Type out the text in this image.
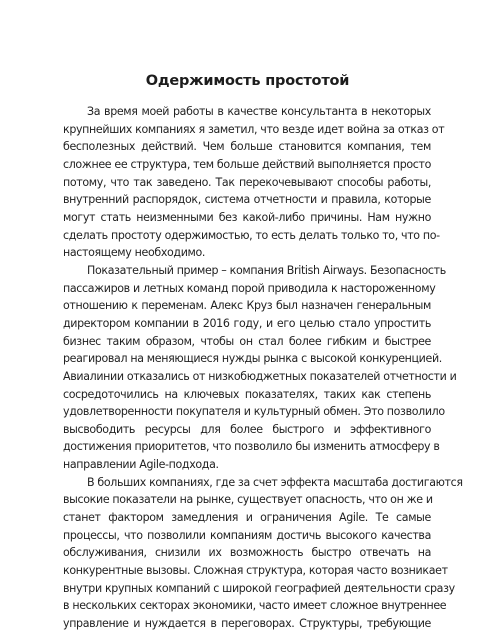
Одержимость простотой
За время моей работы в качестве консультанта в некоторых
крупнейших компаниях я заметил, что везде идет война за отказ от
бесполезных действий. Чем больше становится компания, тем
сложнее ее структура, тем больше действий выполняется просто
потому, что так заведено. Так перекочевывают способы работы,
внутренний распорядок, система отчетности и правила, которые
могут стать неизменными без какой-либо причины. Нам нужно
сделать простоту одержимостью, то есть делать только то, что по-
настоящему необходимо.
Показательный пример – компания British Airways. Безопасность
пассажиров и летных команд порой приводила к настороженному
отношению к переменам. Алекс Круз был назначен генеральным
директором компании в 2016 году, и его целью стало упростить
бизнес таким образом, чтобы он стал более гибким и быстрее
реагировал на меняющиеся нужды рынка с высокой конкуренцией.
Авиалинии отказались от низкобюджетных показателей отчетности и
сосредоточились на ключевых показателях, таких как степень
удовлетворенности покупателя и культурный обмен. Это позволило
высвободить ресурсы для более быстрого и эффективного
достижения приоритетов, что позволило бы изменить атмосферу в
направлении Agile-подхода.
В больших компаниях, где за счет эффекта масштаба достигаются
высокие показатели на рынке, существует опасность, что он же и
станет фактором замедления и ограничения Agile. Те самые
процессы, что позволили компаниям достичь высокого качества
обслуживания, снизили их возможность быстро отвечать на
конкурентные вызовы. Сложная структура, которая часто возникает
внутри крупных компаний с широкой географией деятельности сразу
в нескольких секторах экономики, часто имеет сложное внутреннее
управление и нуждается в переговорах. Структуры, требующие
